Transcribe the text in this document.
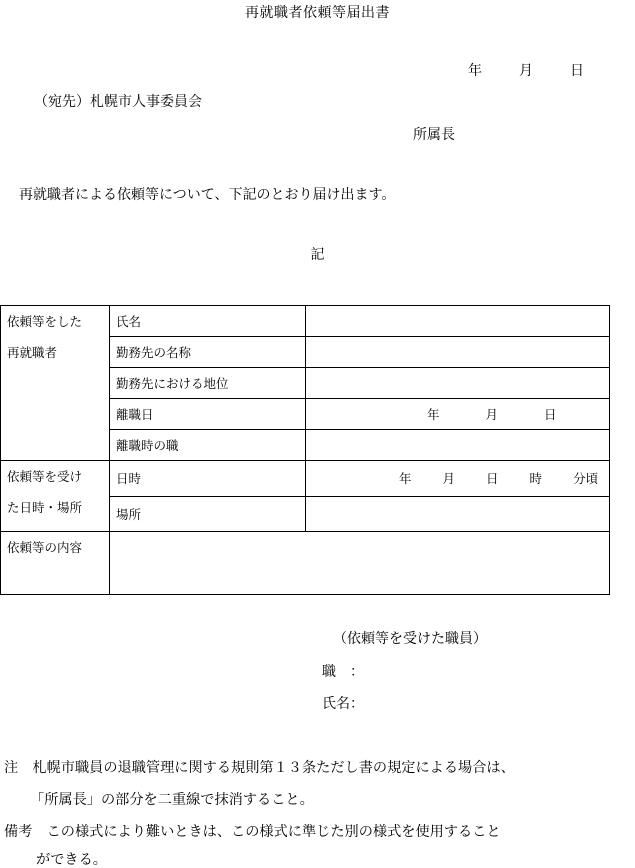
再就職者依頼等届出書
年	月	日
（宛先）札幌市人事委員会
所属長
再就職者による依頼等について、下記のとおり届け出ます。
記
依頼等をした
再就職者	氏名	
	勤務先の名称	
	勤務先における地位	
	離職日	年 月 日
	離職時の職	

依頼等を受け
た日時・場所	日時	年 月 日 時 分頃
	場所	

依頼等の内容		

（依頼等を受けた職員）
職　：
氏名：
注　札幌市職員の退職管理に関する規則第１３条ただし書の規定による場合は、
「所属長」の部分を二重線で抹消すること。
備考　この様式により難いときは、この様式に準じた別の様式を使用すること
ができる。
